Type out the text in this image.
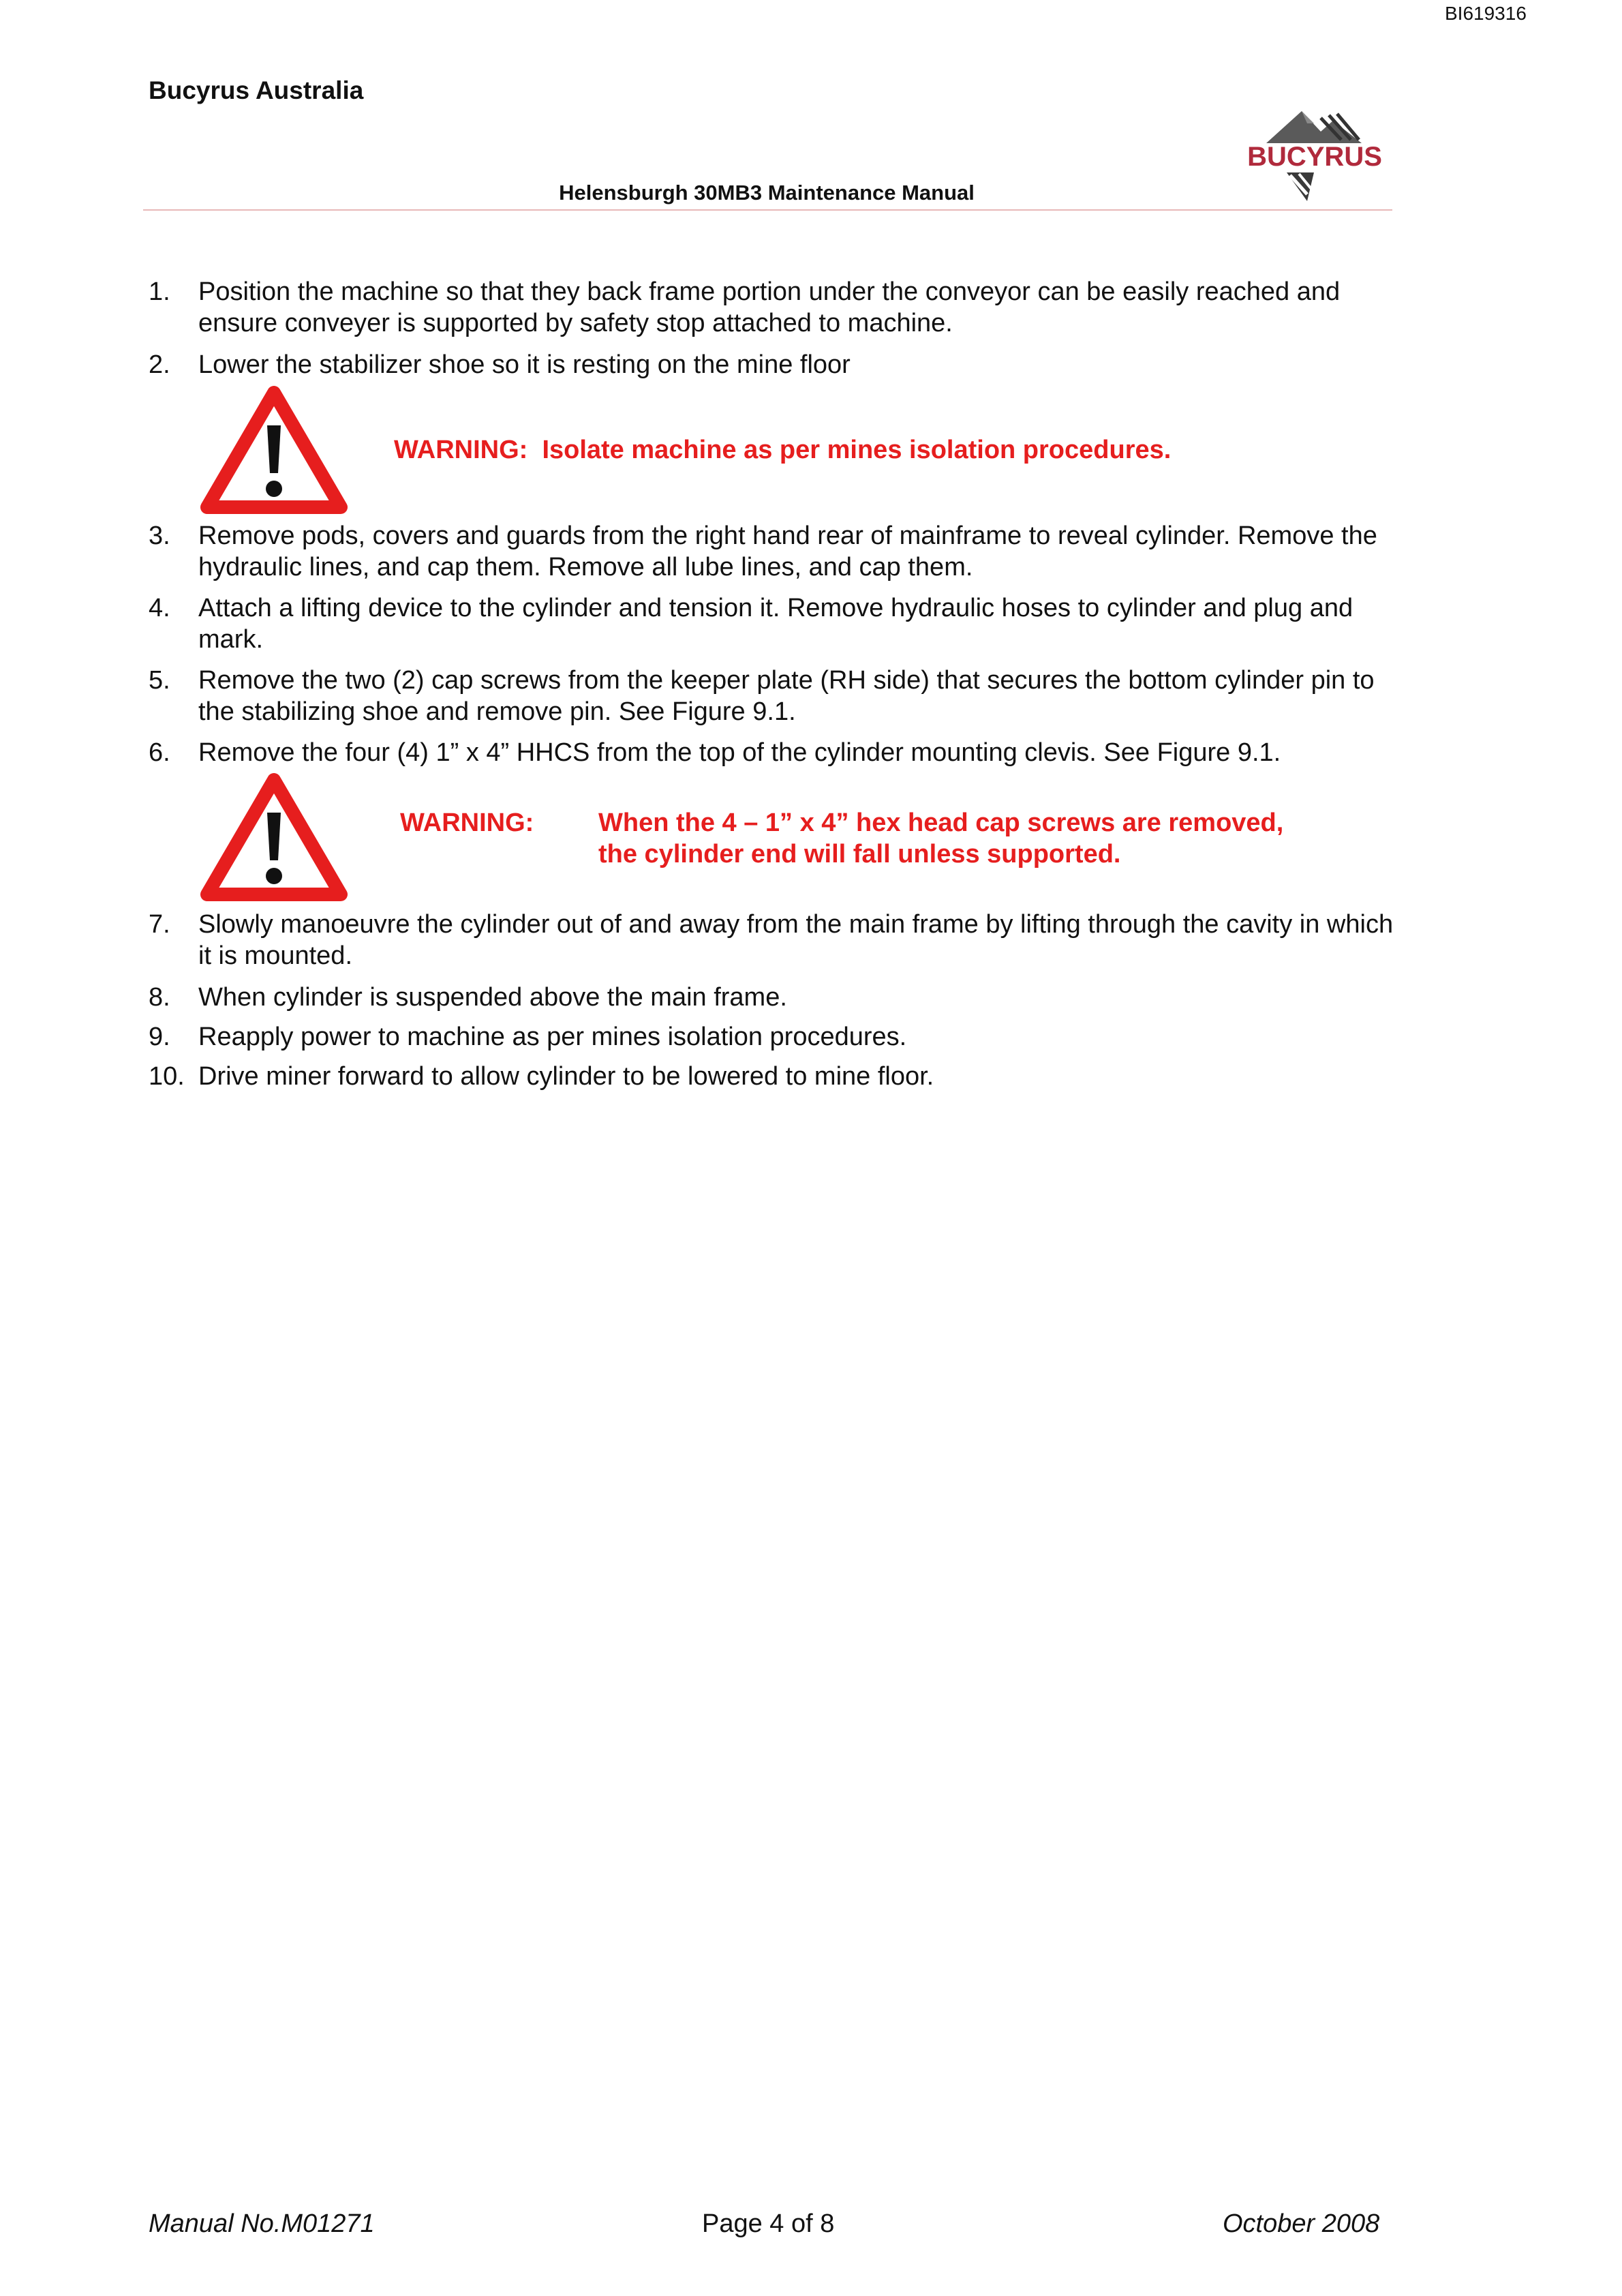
BI619316
Bucyrus Australia
BUCYRUS
Helensburgh 30MB3 Maintenance Manual
1. Position the machine so that they back frame portion under the conveyor can be easily reached and ensure conveyer is supported by safety stop attached to machine.
2. Lower the stabilizer shoe so it is resting on the mine floor
WARNING: Isolate machine as per mines isolation procedures.
3. Remove pods, covers and guards from the right hand rear of mainframe to reveal cylinder. Remove the hydraulic lines, and cap them. Remove all lube lines, and cap them.
4. Attach a lifting device to the cylinder and tension it. Remove hydraulic hoses to cylinder and plug and mark.
5. Remove the two (2) cap screws from the keeper plate (RH side) that secures the bottom cylinder pin to the stabilizing shoe and remove pin. See Figure 9.1.
6. Remove the four (4) 1” x 4” HHCS from the top of the cylinder mounting clevis. See Figure 9.1.
WARNING: When the 4 – 1” x 4” hex head cap screws are removed,
the cylinder end will fall unless supported.
7. Slowly manoeuvre the cylinder out of and away from the main frame by lifting through the cavity in which it is mounted.
8. When cylinder is suspended above the main frame.
9. Reapply power to machine as per mines isolation procedures.
10. Drive miner forward to allow cylinder to be lowered to mine floor.
Manual No.M01271	Page 4 of 8	October 2008
